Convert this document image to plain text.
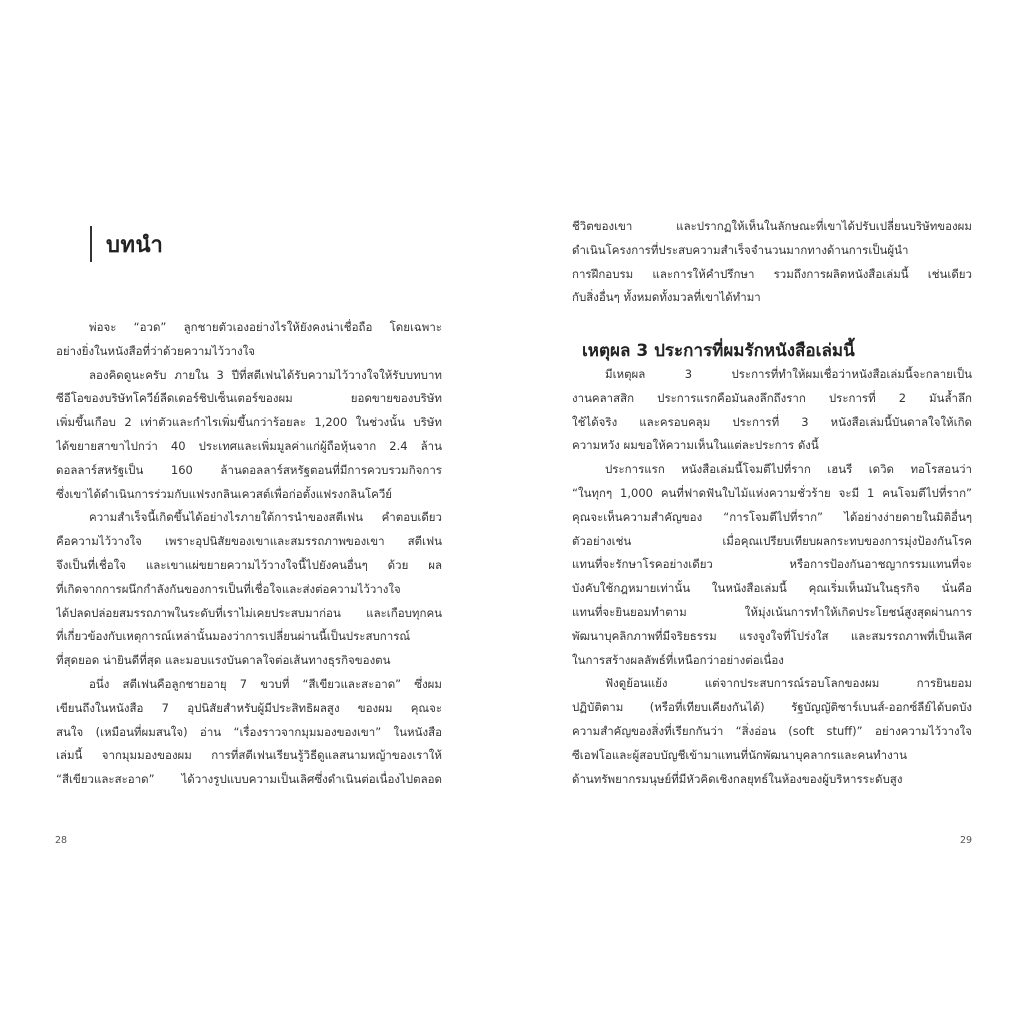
บทนำ
พ่อจะ “อวด” ลูกชายตัวเองอย่างไรให้ยังคงน่าเชื่อถือ โดยเฉพาะ
อย่างยิ่งในหนังสือที่ว่าด้วยความไว้วางใจ
ลองคิดดูนะครับ ภายใน 3 ปีที่สตีเฟนได้รับความไว้วางใจให้รับบทบาท
ซีอีโอของบริษัทโควีย์ลีดเดอร์ชิปเซ็นเตอร์ของผม ยอดขายของบริษัท
เพิ่มขึ้นเกือบ 2 เท่าตัวและกำไรเพิ่มขึ้นกว่าร้อยละ 1,200 ในช่วงนั้น บริษัท
ได้ขยายสาขาไปกว่า 40 ประเทศและเพิ่มมูลค่าแก่ผู้ถือหุ้นจาก 2.4 ล้าน
ดอลลาร์สหรัฐเป็น 160 ล้านดอลลาร์สหรัฐตอนที่มีการควบรวมกิจการ
ซึ่งเขาได้ดำเนินการร่วมกับแฟรงกลินเควสต์เพื่อก่อตั้งแฟรงกลินโควีย์
ความสำเร็จนี้เกิดขึ้นได้อย่างไรภายใต้การนำของสตีเฟน คำตอบเดียว
คือความไว้วางใจ เพราะอุปนิสัยของเขาและสมรรถภาพของเขา สตีเฟน
จึงเป็นที่เชื่อใจ และเขาแผ่ขยายความไว้วางใจนี้ไปยังคนอื่นๆ ด้วย ผล
ที่เกิดจากการผนึกกำลังกันของการเป็นที่เชื่อใจและส่งต่อความไว้วางใจ
ได้ปลดปล่อยสมรรถภาพในระดับที่เราไม่เคยประสบมาก่อน และเกือบทุกคน
ที่เกี่ยวข้องกับเหตุการณ์เหล่านั้นมองว่าการเปลี่ยนผ่านนี้เป็นประสบการณ์
ที่สุดยอด น่ายินดีที่สุด และมอบแรงบันดาลใจต่อเส้นทางธุรกิจของตน
อนึ่ง สตีเฟนคือลูกชายอายุ 7 ขวบที่ “สีเขียวและสะอาด” ซึ่งผม
เขียนถึงในหนังสือ 7 อุปนิสัยสำหรับผู้มีประสิทธิผลสูง ของผม คุณจะ
สนใจ (เหมือนที่ผมสนใจ) อ่าน “เรื่องราวจากมุมมองของเขา” ในหนังสือ
เล่มนี้ จากมุมมองของผม การที่สตีเฟนเรียนรู้วิธีดูแลสนามหญ้าของเราให้
“สีเขียวและสะอาด” ได้วางรูปแบบความเป็นเลิศซึ่งดำเนินต่อเนื่องไปตลอด
28
ชีวิตของเขา และปรากฏให้เห็นในลักษณะที่เขาได้ปรับเปลี่ยนบริษัทของผม
ดำเนินโครงการที่ประสบความสำเร็จจำนวนมากทางด้านการเป็นผู้นำ
การฝึกอบรม และการให้คำปรึกษา รวมถึงการผลิตหนังสือเล่มนี้ เช่นเดียว
กับสิ่งอื่นๆ ทั้งหมดทั้งมวลที่เขาได้ทำมา
เหตุผล 3 ประการที่ผมรักหนังสือเล่มนี้
มีเหตุผล 3 ประการที่ทำให้ผมเชื่อว่าหนังสือเล่มนี้จะกลายเป็น
งานคลาสสิก ประการแรกคือมันลงลึกถึงราก ประการที่ 2 มันล้ำลึก
ใช้ได้จริง และครอบคลุม ประการที่ 3 หนังสือเล่มนี้บันดาลใจให้เกิด
ความหวัง ผมขอให้ความเห็นในแต่ละประการ ดังนี้
ประการแรก หนังสือเล่มนี้โจมตีไปที่ราก เฮนรี เดวิด ทอโรสอนว่า
“ในทุกๆ 1,000 คนที่ฟาดฟันใบไม้แห่งความชั่วร้าย จะมี 1 คนโจมตีไปที่ราก”
คุณจะเห็นความสำคัญของ “การโจมตีไปที่ราก” ได้อย่างง่ายดายในมิติอื่นๆ
ตัวอย่างเช่น เมื่อคุณเปรียบเทียบผลกระทบของการมุ่งป้องกันโรค
แทนที่จะรักษาโรคอย่างเดียว หรือการป้องกันอาชญากรรมแทนที่จะ
บังคับใช้กฎหมายเท่านั้น ในหนังสือเล่มนี้ คุณเริ่มเห็นมันในธุรกิจ นั่นคือ
แทนที่จะยินยอมทำตาม ให้มุ่งเน้นการทำให้เกิดประโยชน์สูงสุดผ่านการ
พัฒนาบุคลิกภาพที่มีจริยธรรม แรงจูงใจที่โปร่งใส และสมรรถภาพที่เป็นเลิศ
ในการสร้างผลลัพธ์ที่เหนือกว่าอย่างต่อเนื่อง
ฟังดูย้อนแย้ง แต่จากประสบการณ์รอบโลกของผม การยินยอม
ปฏิบัติตาม (หรือที่เทียบเคียงกันได้) รัฐบัญญัติซาร์เบนส์-ออกซ์ลีย์ได้บดบัง
ความสำคัญของสิ่งที่เรียกกันว่า “สิ่งอ่อน (soft stuff)” อย่างความไว้วางใจ
ซีเอฟโอและผู้สอบบัญชีเข้ามาแทนที่นักพัฒนาบุคลากรและคนทำงาน
ด้านทรัพยากรมนุษย์ที่มีหัวคิดเชิงกลยุทธ์ในห้องของผู้บริหารระดับสูง
29
